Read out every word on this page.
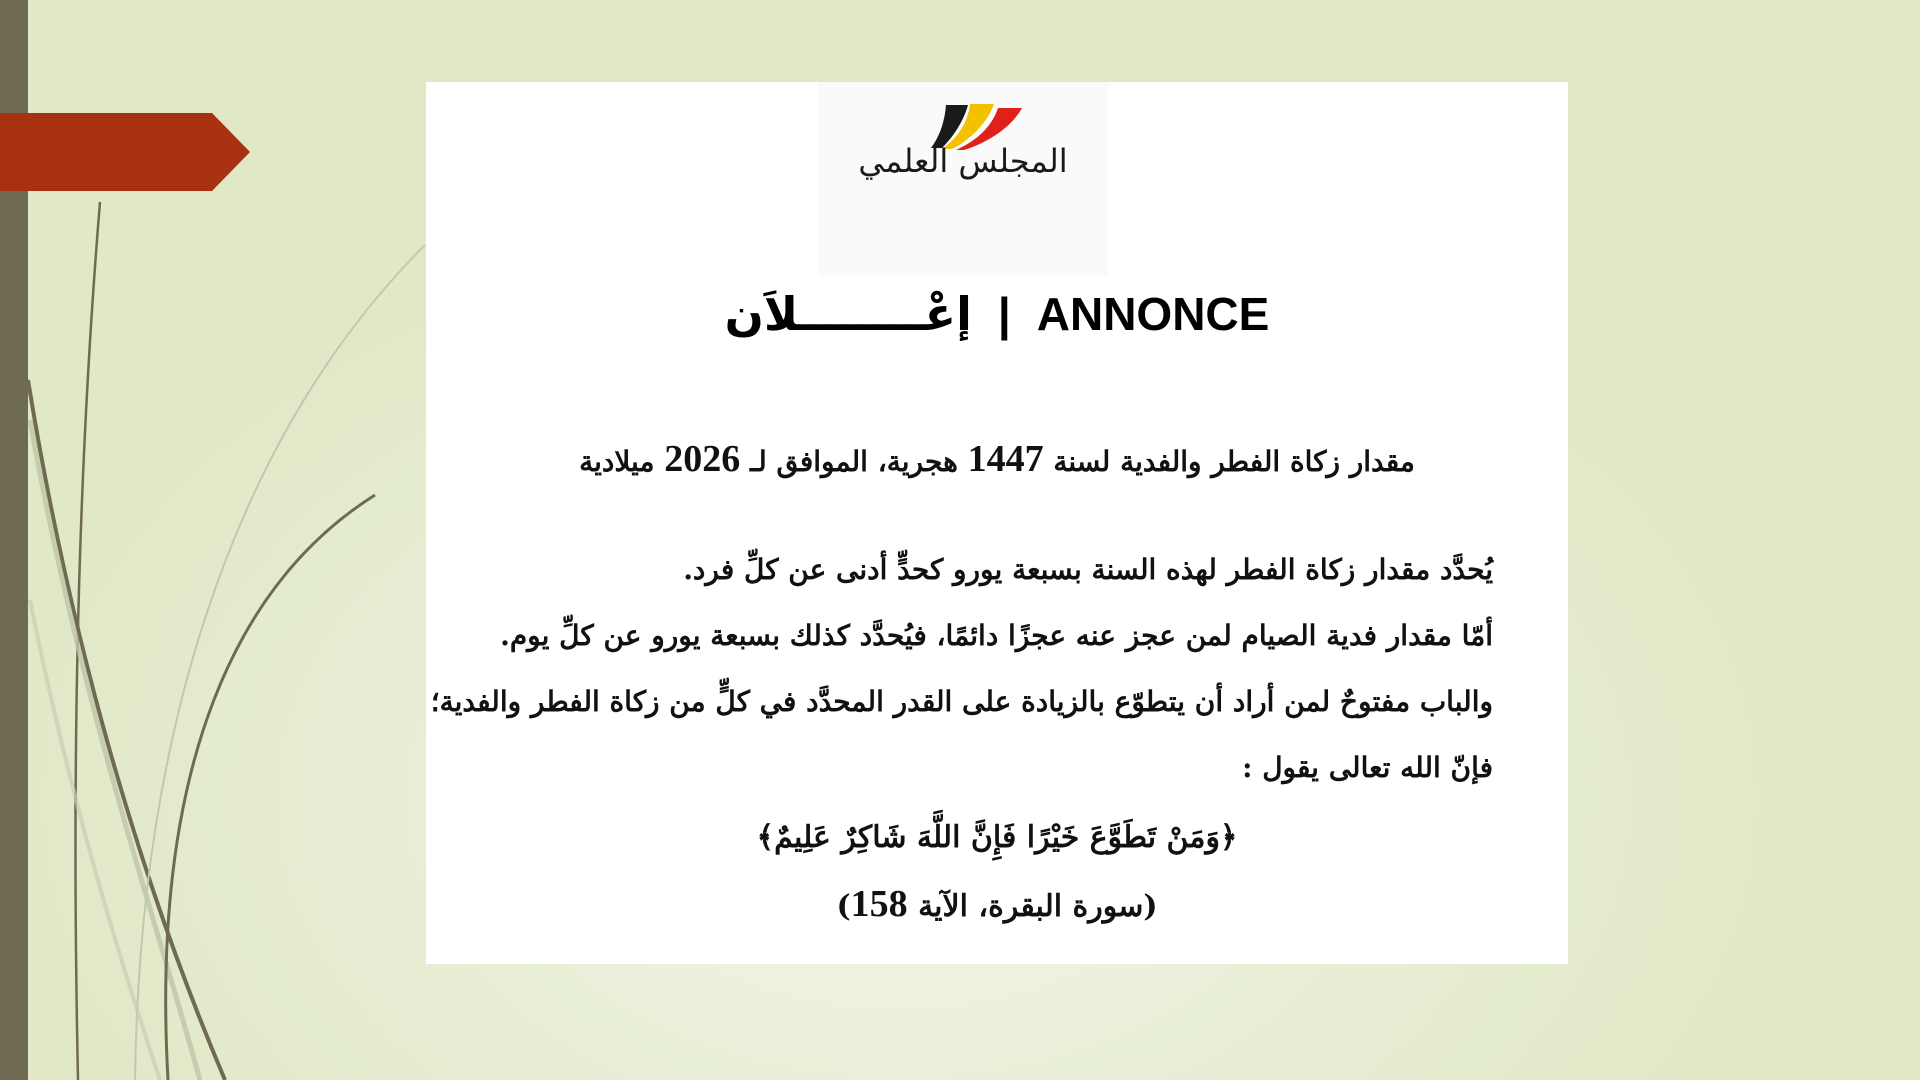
المجلس العلمي
إعْــــــــلاَن | ANNONCE
مقدار زكاة الفطر والفدية لسنة 1447 هجرية، الموافق لـ 2026 ميلادية
يُحدَّد مقدار زكاة الفطر لهذه السنة بسبعة يورو كحدٍّ أدنى عن كلِّ فرد.
أمّا مقدار فدية الصيام لمن عجز عنه عجزًا دائمًا، فيُحدَّد كذلك بسبعة يورو عن كلِّ يوم.
والباب مفتوحٌ لمن أراد أن يتطوّع بالزيادة على القدر المحدَّد في كلٍّ من زكاة الفطر والفدية؛
فإنّ الله تعالى يقول :
﴿وَمَنْ تَطَوَّعَ خَيْرًا فَإِنَّ اللَّهَ شَاكِرٌ عَلِيمٌ﴾
(سورة البقرة، الآية 158)
